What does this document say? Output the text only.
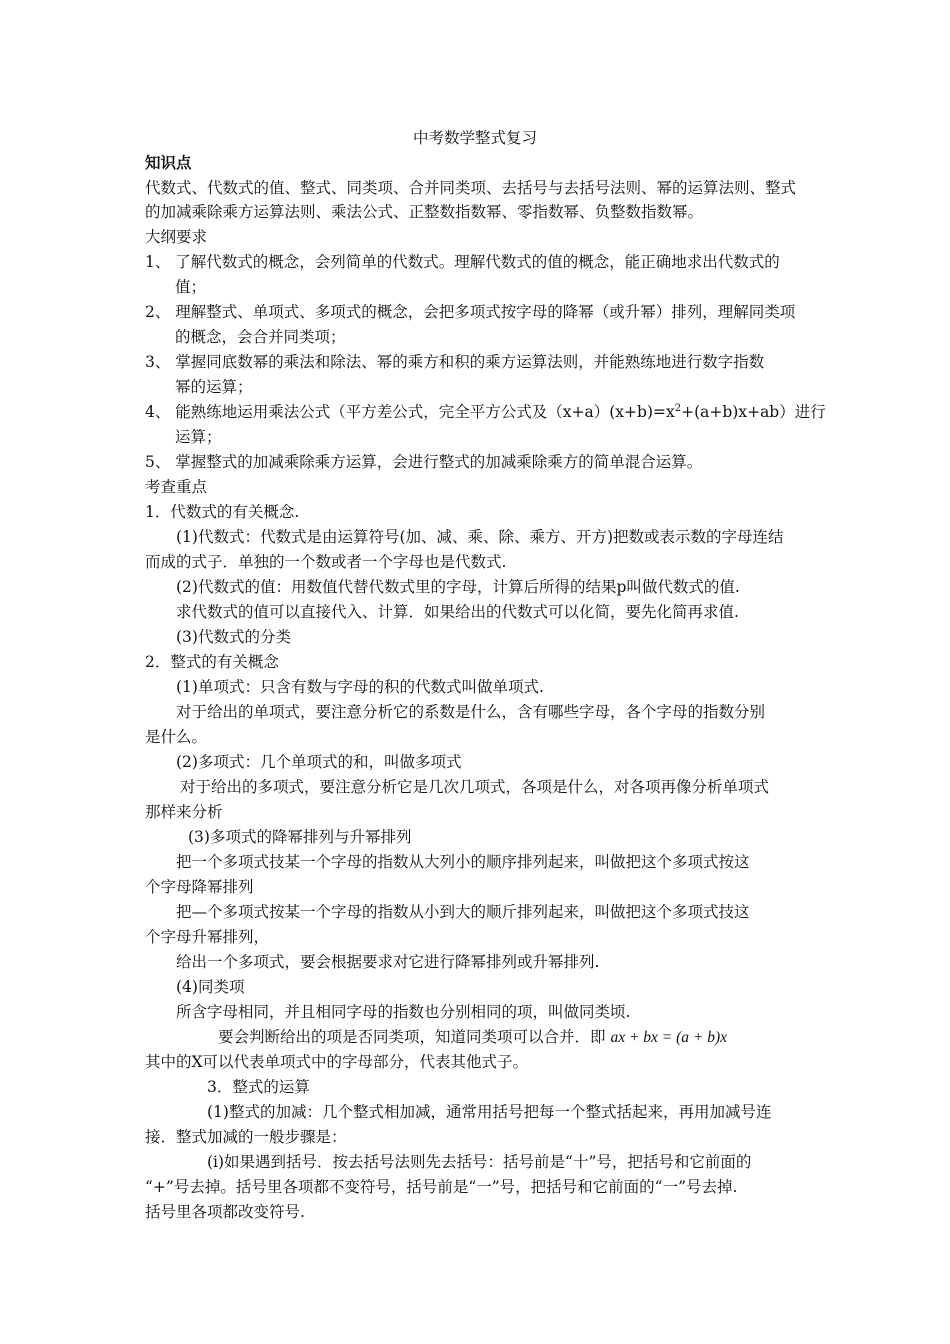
中考数学整式复习
知识点
代数式、代数式的值、整式、同类项、合并同类项、去括号与去括号法则、幂的运算法则、整式
的加减乘除乘方运算法则、乘法公式、正整数指数幂、零指数幂、负整数指数幂。
大纲要求
1、 了解代数式的概念，会列简单的代数式。理解代数式的值的概念，能正确地求出代数式的
值；
2、 理解整式、单项式、多项式的概念，会把多项式按字母的降幂（或升幂）排列，理解同类项
的概念，会合并同类项；
3、 掌握同底数幂的乘法和除法、幂的乘方和积的乘方运算法则，并能熟练地进行数字指数
幂的运算；
4、 能熟练地运用乘法公式（平方差公式，完全平方公式及$(x+a)(x+b)=x^2+(a+b)x+ab$）进行
运算；
5、 掌握整式的加减乘除乘方运算，会进行整式的加减乘除乘方的简单混合运算。
考查重点
1．代数式的有关概念.
(1)代数式：代数式是由运算符号(加、减、乘、除、乘方、开方)把数或表示数的字母连结
而成的式子．单独的一个数或者一个字母也是代数式.
(2)代数式的值：用数值代替代数式里的字母，计算后所得的结果p叫做代数式的值.
求代数式的值可以直接代入、计算．如果给出的代数式可以化简，要先化简再求值.
(3)代数式的分类
2．整式的有关概念
(1)单项式：只含有数与字母的积的代数式叫做单项式.
对于给出的单项式，要注意分析它的系数是什么，含有哪些字母，各个字母的指数分别
是什么。
(2)多项式：几个单项式的和，叫做多项式
对于给出的多项式，要注意分析它是几次几项式，各项是什么，对各项再像分析单项式
那样来分析
(3)多项式的降幂排列与升幂排列
把一个多项式技某一个字母的指数从大列小的顺序排列起来，叫做把这个多项式按这
个字母降幂排列
把—个多项式按某一个字母的指数从小到大的顺斤排列起来，叫做把这个多项式技这
个字母升幂排列，
给出一个多项式，要会根据要求对它进行降幂排列或升幂排列.
(4)同类项
所含字母相同，并且相同字母的指数也分别相同的项，叫做同类顷.
要会判断给出的项是否同类项，知道同类项可以合并．即 ax + bx = (a + b)x
其中的X可以代表单项式中的字母部分，代表其他式子。
3．整式的运算
(1)整式的加减：几个整式相加减，通常用括号把每一个整式括起来，再用加减号连
接．整式加减的一般步骤是：
(i)如果遇到括号．按去括号法则先去括号：括号前是“十”号，把括号和它前面的
“+”号去掉。括号里各项都不变符号，括号前是“一”号，把括号和它前面的“一”号去掉.
括号里各项都改变符号.
